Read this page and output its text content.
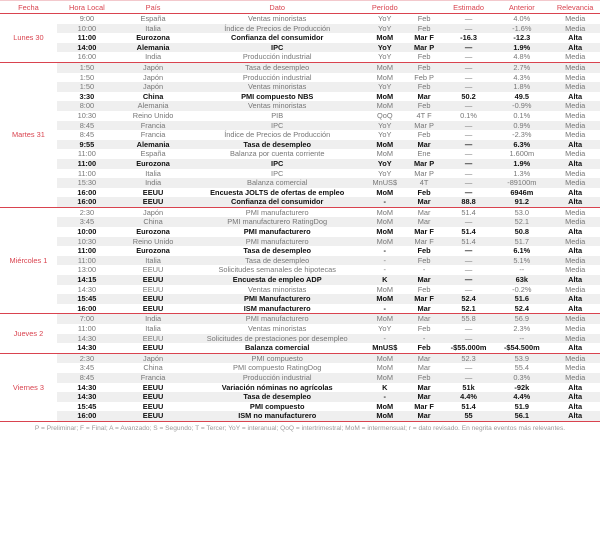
Fecha	Hora Local	País	Dato	Período		Estimado	Anterior	Relevancia
Lunes 30	9:00	España	Ventas minoristas	YoY	Feb	—	4.0%	Media
	10:00	Italia	Índice de Precios de Producción	YoY	Feb	—	-1.6%	Media
	11:00	Eurozona	Confianza del consumidor	MoM	Mar F	-16.3	-12.3	Alta
	14:00	Alemania	IPC	YoY	Mar P	—	1.9%	Alta
	16:00	India	Producción industrial	YoY	Feb	—	4.8%	Media
Martes 31	1:50	Japón	Tasa de desempleo	MoM	Feb	—	2.7%	Media
	1:50	Japón	Producción industrial	MoM	Feb P	—	4.3%	Media
	1:50	Japón	Ventas minoristas	YoY	Feb	—	1.8%	Media
	3:30	China	PMI compuesto NBS	MoM	Mar	50.2	49.5	Alta
	8:00	Alemania	Ventas minoristas	MoM	Feb	—	-0.9%	Media
	10:30	Reino Unido	PIB	QoQ	4T F	0.1%	0.1%	Media
	8:45	Francia	IPC	YoY	Mar P	—	0.9%	Media
	8:45	Francia	Índice de Precios de Producción	YoY	Feb	—	-2.3%	Media
	9:55	Alemania	Tasa de desempleo	MoM	Mar	—	6.3%	Alta
	11:00	España	Balanza por cuenta corriente	MoM	Ene	—	1.600m	Media
	11:00	Eurozona	IPC	YoY	Mar P	—	1.9%	Alta
	11:00	Italia	IPC	YoY	Mar P	—	1.3%	Media
	15:30	India	Balanza comercial	MnUS$	4T	—	-89100m	Media
	16:00	EEUU	Encuesta JOLTS de ofertas de empleo	MoM	Feb	—	6946m	Alta
	16:00	EEUU	Confianza del consumidor	-	Mar	88.8	91.2	Alta
Miércoles 1	2:30	Japón	PMI manufacturero	MoM	Mar	51.4	53.0	Media
	3:45	China	PMI manufacturero RatingDog	MoM	Mar	—	52.1	Media
	10:00	Eurozona	PMI manufacturero	MoM	Mar F	51.4	50.8	Alta
	10:30	Reino Unido	PMI manufacturero	MoM	Mar F	51.4	51.7	Media
	11:00	Eurozona	Tasa de desempleo	-	Feb	—	6.1%	Alta
	11:00	Italia	Tasa de desempleo	-	Feb	—	5.1%	Media
	13:00	EEUU	Solicitudes semanales de hipotecas	-	-	—	--	Media
	14:15	EEUU	Encuesta de empleo ADP	K	Mar	—	63k	Alta
	14:30	EEUU	Ventas minoristas	MoM	Feb	—	-0.2%	Media
	15:45	EEUU	PMI Manufacturero	MoM	Mar F	52.4	51.6	Alta
	16:00	EEUU	ISM manufacturero	-	Mar	52.1	52.4	Alta
Jueves 2	7:00	India	PMI manufacturero	MoM	Mar	55.8	56.9	Media
	11:00	Italia	Ventas minoristas	YoY	Feb	—	2.3%	Media
	14:30	EEUU	Solicitudes de prestaciones por desempleo	-	-	—	--	Media
	14:30	EEUU	Balanza comercial	MnUS$	Feb	-$55.000m	-$54.500m	Alta
Viernes 3	2:30	Japón	PMI compuesto	MoM	Mar	52.3	53.9	Media
	3:45	China	PMI compuesto RatingDog	MoM	Mar	—	55.4	Media
	8:45	Francia	Producción industrial	MoM	Feb	—	0.3%	Media
	14:30	EEUU	Variación nóminas no agrícolas	K	Mar	51k	-92k	Alta
	14:30	EEUU	Tasa de desempleo	-	Mar	4.4%	4.4%	Alta
	15:45	EEUU	PMI compuesto	MoM	Mar F	51.4	51.9	Alta
	16:00	EEUU	ISM no manufacturero	MoM	Mar	55	56.1	Alta
P = Preliminar; F = Final; A = Avanzado; S = Segundo; T = Tercer; YoY = interanual; QoQ = intertrimestral; MoM = intermensual; r = dato revisado. En negrita eventos más relevantes.
